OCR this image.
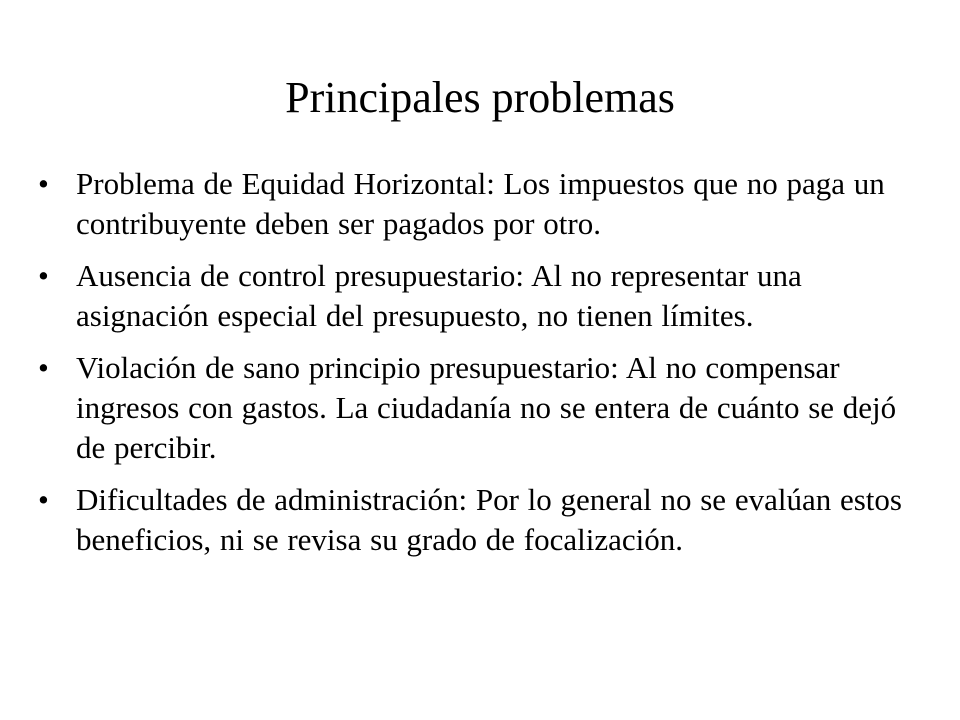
Principales problemas
• Problema de Equidad Horizontal: Los impuestos que no paga un contribuyente deben ser pagados por otro.
• Ausencia de control presupuestario: Al no representar una asignación especial del presupuesto, no tienen límites.
• Violación de sano principio presupuestario: Al no compensar ingresos con gastos. La ciudadanía no se entera de cuánto se dejó de percibir.
• Dificultades de administración: Por lo general no se evalúan estos beneficios, ni se revisa su grado de focalización.
